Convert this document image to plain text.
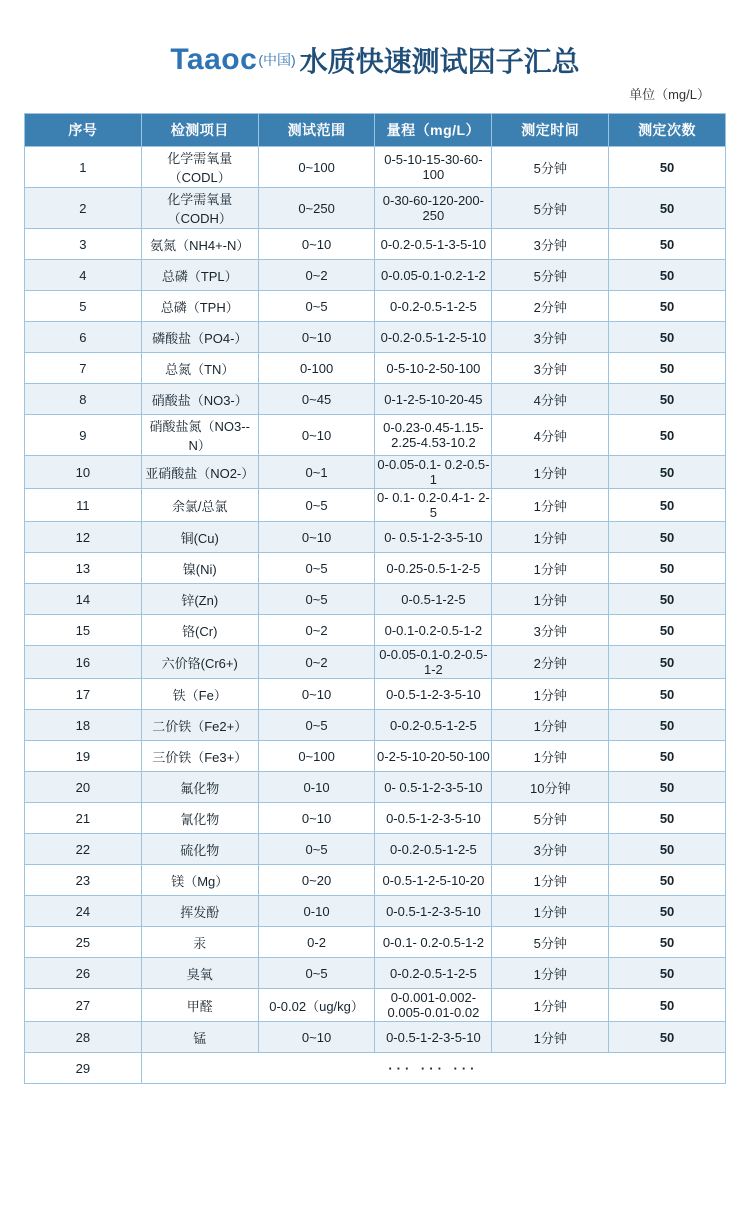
Taaoc(中国) 水质快速测试因子汇总
单位（mg/L）
序号	检测项目	测试范围	量程（mg/L）	测定时间	测定次数
1	化学需氧量（CODL）	0~100	0-5-10-15-30-60-100	5分钟	50
2	化学需氧量（CODH）	0~250	0-30-60-120-200-250	5分钟	50
3	氨氮（NH4+-N）	0~10	0-0.2-0.5-1-3-5-10	3分钟	50
4	总磷（TPL）	0~2	0-0.05-0.1-0.2-1-2	5分钟	50
5	总磷（TPH）	0~5	0-0.2-0.5-1-2-5	2分钟	50
6	磷酸盐（PO4-）	0~10	0-0.2-0.5-1-2-5-10	3分钟	50
7	总氮（TN）	0-100	0-5-10-2-50-100	3分钟	50
8	硝酸盐（NO3-）	0~45	0-1-2-5-10-20-45	4分钟	50
9	硝酸盐氮（NO3--N）	0~10	0-0.23-0.45-1.15-2.25-4.53-10.2	4分钟	50
10	亚硝酸盐（NO2-）	0~1	0-0.05-0.1- 0.2-0.5-1	1分钟	50
11	余氯/总氯	0~5	0- 0.1- 0.2-0.4-1- 2- 5	1分钟	50
12	铜(Cu)	0~10	0- 0.5-1-2-3-5-10	1分钟	50
13	镍(Ni)	0~5	0-0.25-0.5-1-2-5	1分钟	50
14	锌(Zn)	0~5	0-0.5-1-2-5	1分钟	50
15	铬(Cr)	0~2	0-0.1-0.2-0.5-1-2	3分钟	50
16	六价铬(Cr6+)	0~2	0-0.05-0.1-0.2-0.5-1-2	2分钟	50
17	铁（Fe）	0~10	0-0.5-1-2-3-5-10	1分钟	50
18	二价铁（Fe2+）	0~5	0-0.2-0.5-1-2-5	1分钟	50
19	三价铁（Fe3+）	0~100	0-2-5-10-20-50-100	1分钟	50
20	氟化物	0-10	0- 0.5-1-2-3-5-10	10分钟	50
21	氰化物	0~10	0-0.5-1-2-3-5-10	5分钟	50
22	硫化物	0~5	0-0.2-0.5-1-2-5	3分钟	50
23	镁（Mg）	0~20	0-0.5-1-2-5-10-20	1分钟	50
24	挥发酚	0-10	0-0.5-1-2-3-5-10	1分钟	50
25	汞	0-2	0-0.1- 0.2-0.5-1-2	5分钟	50
26	臭氧	0~5	0-0.2-0.5-1-2-5	1分钟	50
27	甲醛	0-0.02（ug/kg）	0-0.001-0.002-0.005-0.01-0.02	1分钟	50
28	锰	0~10	0-0.5-1-2-3-5-10	1分钟	50
29	··· ··· ···				
